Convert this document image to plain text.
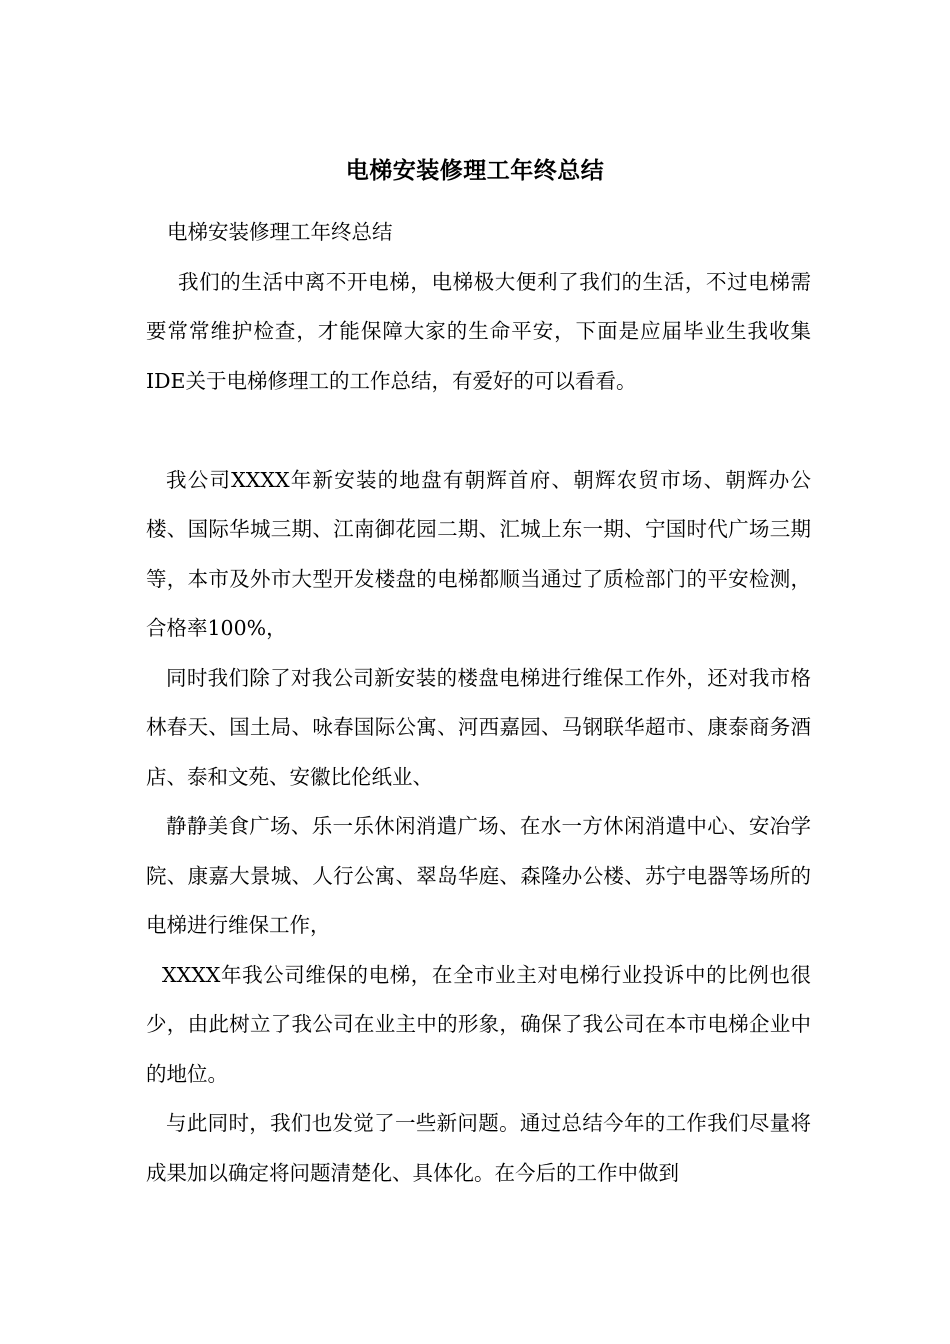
电梯安装修理工年终总结

电梯安装修理工年终总结

我们的生活中离不开电梯，电梯极大便利了我们的生活，不过电梯需要常常维护检查，才能保障大家的生命平安，下面是应届毕业生我收集IDE关于电梯修理工的工作总结，有爱好的可以看看。

我公司XXXX年新安装的地盘有朝辉首府、朝辉农贸市场、朝辉办公楼、国际华城三期、江南御花园二期、汇城上东一期、宁国时代广场三期等，本市及外市大型开发楼盘的电梯都顺当通过了质检部门的平安检测，合格率100%，

同时我们除了对我公司新安装的楼盘电梯进行维保工作外，还对我市格林春天、国土局、咏春国际公寓、河西嘉园、马钢联华超市、康泰商务酒店、泰和文苑、安徽比伦纸业、

静静美食广场、乐一乐休闲消遣广场、在水一方休闲消遣中心、安冶学院、康嘉大景城、人行公寓、翠岛华庭、森隆办公楼、苏宁电器等场所的电梯进行维保工作，

XXXX年我公司维保的电梯，在全市业主对电梯行业投诉中的比例也很少，由此树立了我公司在业主中的形象，确保了我公司在本市电梯企业中的地位。

与此同时，我们也发觉了一些新问题。通过总结今年的工作我们尽量将成果加以确定将问题清楚化、具体化。在今后的工作中做到
